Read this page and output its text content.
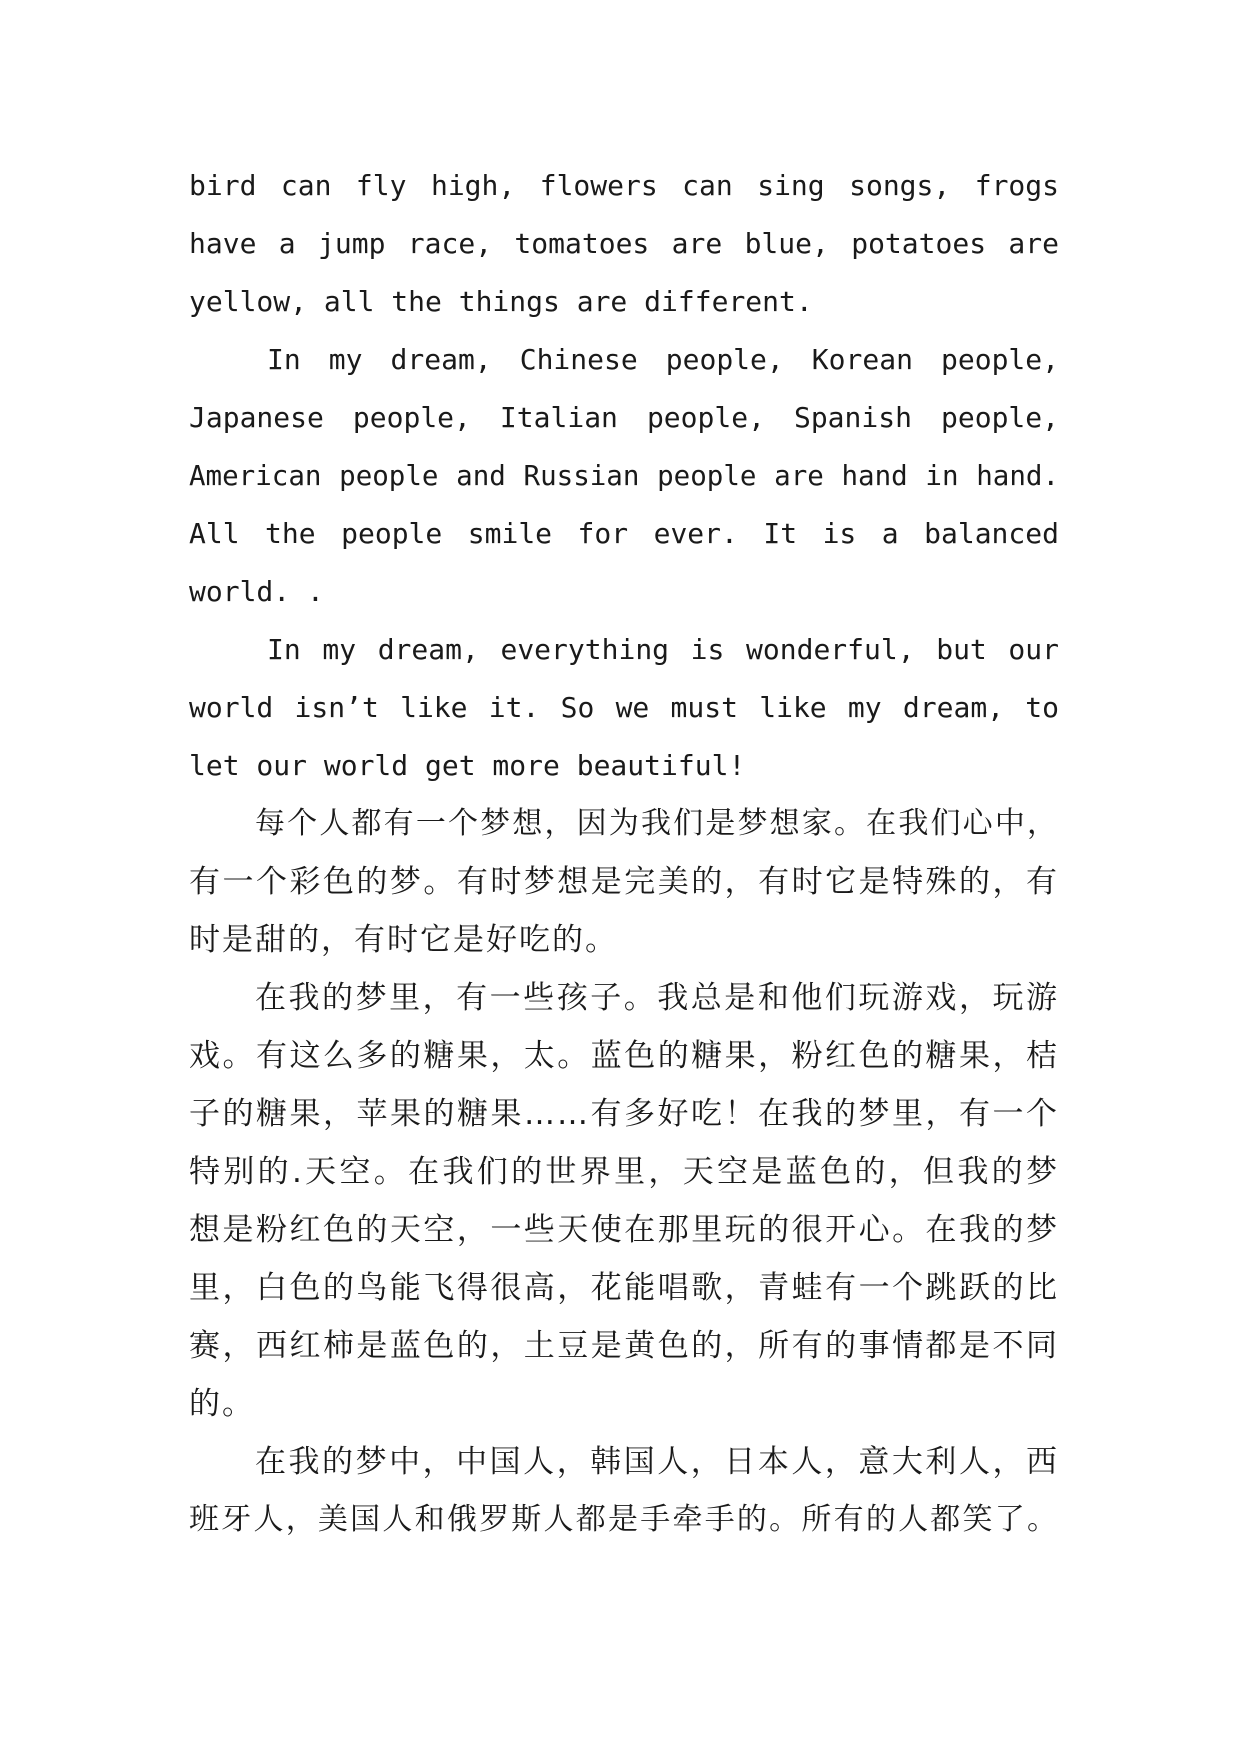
bird can fly high, flowers can sing songs, frogs
have a jump race, tomatoes are blue, potatoes are
yellow, all the things are different.
In my dream, Chinese people, Korean people,
Japanese people, Italian people, Spanish people,
American people and Russian people are hand in hand.
All the people smile for ever. It is a balanced
world. .
In my dream, everything is wonderful, but our
world isn’t like it. So we must like my dream, to
let our world get more beautiful!
每个人都有一个梦想，因为我们是梦想家。在我们心中，
有一个彩色的梦。有时梦想是完美的，有时它是特殊的，有
时是甜的，有时它是好吃的。
在我的梦里，有一些孩子。我总是和他们玩游戏，玩游
戏。有这么多的糖果，太。蓝色的糖果，粉红色的糖果，桔
子的糖果，苹果的糖果……有多好吃！在我的梦里，有一个
特别的.天空。在我们的世界里，天空是蓝色的，但我的梦
想是粉红色的天空，一些天使在那里玩的很开心。在我的梦
里，白色的鸟能飞得很高，花能唱歌，青蛙有一个跳跃的比
赛，西红柿是蓝色的，土豆是黄色的，所有的事情都是不同
的。
在我的梦中，中国人，韩国人，日本人，意大利人，西
班牙人，美国人和俄罗斯人都是手牵手的。所有的人都笑了。
